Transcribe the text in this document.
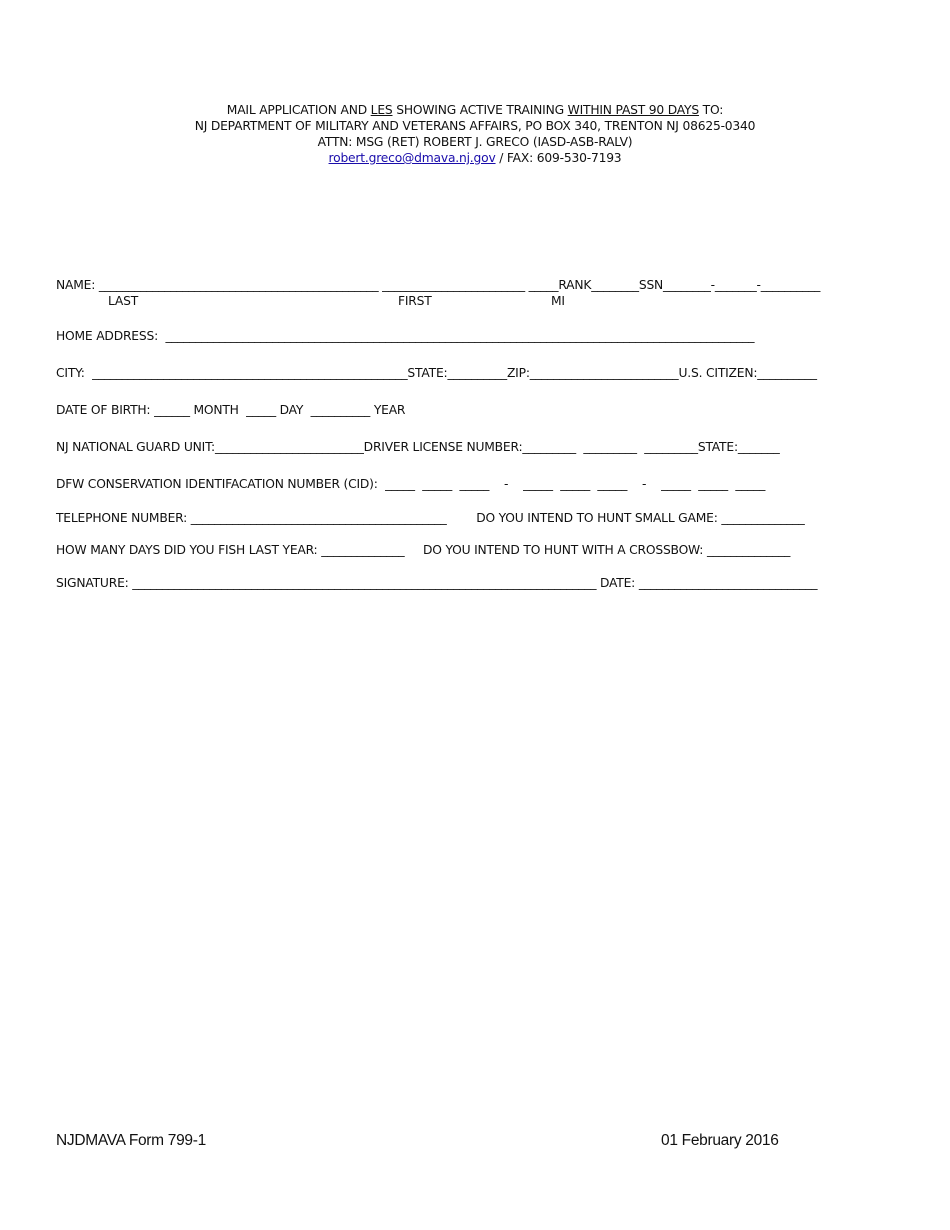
MAIL APPLICATION AND LES SHOWING ACTIVE TRAINING WITHIN PAST 90 DAYS TO:
NJ DEPARTMENT OF MILITARY AND VETERANS AFFAIRS, PO BOX 340, TRENTON NJ 08625-0340
ATTN: MSG (RET) ROBERT J. GRECO (IASD-ASB-RALV)
robert.greco@dmava.nj.gov / FAX: 609-530-7193
NAME: _______________________________________________ ________________________ _____RANK________SSN________-_______-__________
LAST	FIRST	MI
HOME ADDRESS:  ___________________________________________________________________________________________________
CITY:  _____________________________________________________STATE:__________ZIP:_________________________U.S. CITIZEN:__________
DATE OF BIRTH: ______ MONTH  _____ DAY  __________ YEAR
NJ NATIONAL GUARD UNIT:_________________________DRIVER LICENSE NUMBER:_________  _________  _________STATE:_______
DFW CONSERVATION IDENTIFACATION NUMBER (CID):  _____  _____  _____    -    _____  _____  _____    -    _____  _____  _____
TELEPHONE NUMBER: ___________________________________________        DO YOU INTEND TO HUNT SMALL GAME: ______________
HOW MANY DAYS DID YOU FISH LAST YEAR: ______________     DO YOU INTEND TO HUNT WITH A CROSSBOW: ______________
SIGNATURE: ______________________________________________________________________________ DATE: ______________________________
NJDMAVA Form 799-1	01 February 2016
